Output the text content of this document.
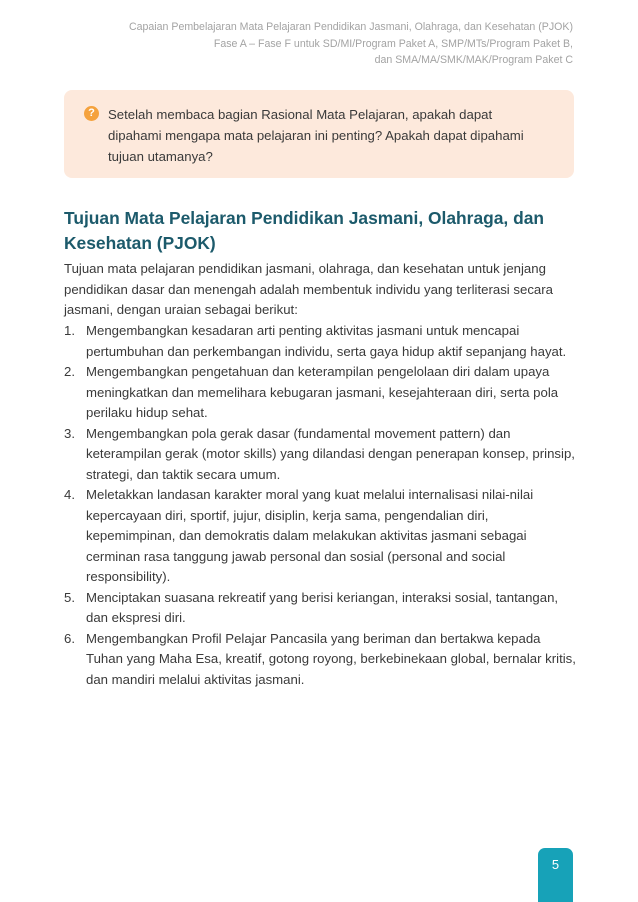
Capaian Pembelajaran Mata Pelajaran Pendidikan Jasmani, Olahraga, dan Kesehatan (PJOK)
Fase A – Fase F untuk SD/MI/Program Paket A, SMP/MTs/Program Paket B,
dan SMA/MA/SMK/MAK/Program Paket C
? Setelah membaca bagian Rasional Mata Pelajaran, apakah dapat dipahami mengapa mata pelajaran ini penting? Apakah dapat dipahami tujuan utamanya?
Tujuan Mata Pelajaran Pendidikan Jasmani, Olahraga, dan Kesehatan (PJOK)

Tujuan mata pelajaran pendidikan jasmani, olahraga, dan kesehatan untuk jenjang pendidikan dasar dan menengah adalah membentuk individu yang terliterasi secara jasmani, dengan uraian sebagai berikut:

1. Mengembangkan kesadaran arti penting aktivitas jasmani untuk mencapai pertumbuhan dan perkembangan individu, serta gaya hidup aktif sepanjang hayat.
2. Mengembangkan pengetahuan dan keterampilan pengelolaan diri dalam upaya meningkatkan dan memelihara kebugaran jasmani, kesejahteraan diri, serta pola perilaku hidup sehat.
3. Mengembangkan pola gerak dasar (fundamental movement pattern) dan keterampilan gerak (motor skills) yang dilandasi dengan penerapan konsep, prinsip, strategi, dan taktik secara umum.
4. Meletakkan landasan karakter moral yang kuat melalui internalisasi nilai-nilai kepercayaan diri, sportif, jujur, disiplin, kerja sama, pengendalian diri, kepemimpinan, dan demokratis dalam melakukan aktivitas jasmani sebagai cerminan rasa tanggung jawab personal dan sosial (personal and social responsibility).
5. Menciptakan suasana rekreatif yang berisi keriangan, interaksi sosial, tantangan, dan ekspresi diri.
6. Mengembangkan Profil Pelajar Pancasila yang beriman dan bertakwa kepada Tuhan yang Maha Esa, kreatif, gotong royong, berkebinekaan global, bernalar kritis, dan mandiri melalui aktivitas jasmani.
5
